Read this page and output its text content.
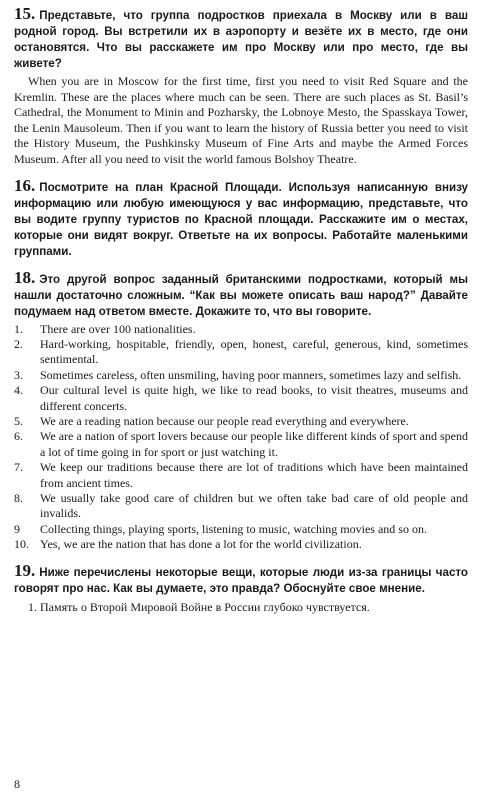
15. Представьте, что группа подростков приехала в Москву или в ваш родной город. Вы встретили их в аэропорту и везёте их в место, где они остановятся. Что вы расскажете им про Москву или про место, где вы живете?

When you are in Moscow for the first time, first you need to visit Red Square and the Kremlin. These are the places where much can be seen. There are such places as St. Basil’s Cathedral, the Monument to Minin and Pozharsky, the Lobnoye Mesto, the Spasskaya Tower, the Lenin Mausoleum. Then if you want to learn the history of Russia better you need to visit the History Museum, the Pushkinsky Museum of Fine Arts and maybe the Armed Forces Museum. After all you need to visit the world famous Bolshoy Theatre.

16. Посмотрите на план Красной Площади. Используя написанную внизу информацию или любую имеющуюся у вас информацию, представьте, что вы водите группу туристов по Красной площади. Расскажите им о местах, которые они видят вокруг. Ответьте на их вопросы. Работайте маленькими группами.

18. Это другой вопрос заданный британскими подростками, который мы нашли достаточно сложным. “Как вы можете описать ваш народ?” Давайте подумаем над ответом вместе. Докажите то, что вы говорите.

1.	There are over 100 nationalities.
2.	Hard-working, hospitable, friendly, open, honest, careful, generous, kind, sometimes sentimental.
3.	Sometimes careless, often unsmiling, having poor manners, sometimes lazy and selfish.
4.	Our cultural level is quite high, we like to read books, to visit theatres, museums and different concerts.
5.	We are a reading nation because our people read everything and everywhere.
6.	We are a nation of sport lovers because our people like different kinds of sport and spend a lot of time going in for sport or just watching it.
7.	We keep our traditions because there are lot of traditions which have been maintained from ancient times.
8.	We usually take good care of children but we often take bad care of old people and invalids.
9	Collecting things, playing sports, listening to music, watching movies and so on.
10. Yes, we are the nation that has done a lot for the world civilization.

19. Ниже перечислены некоторые вещи, которые люди из-за границы часто говорят про нас. Как вы думаете, это правда? Обоснуйте свое мнение.

1. Память о Второй Мировой Войне в России глубоко чувствуется.

8
